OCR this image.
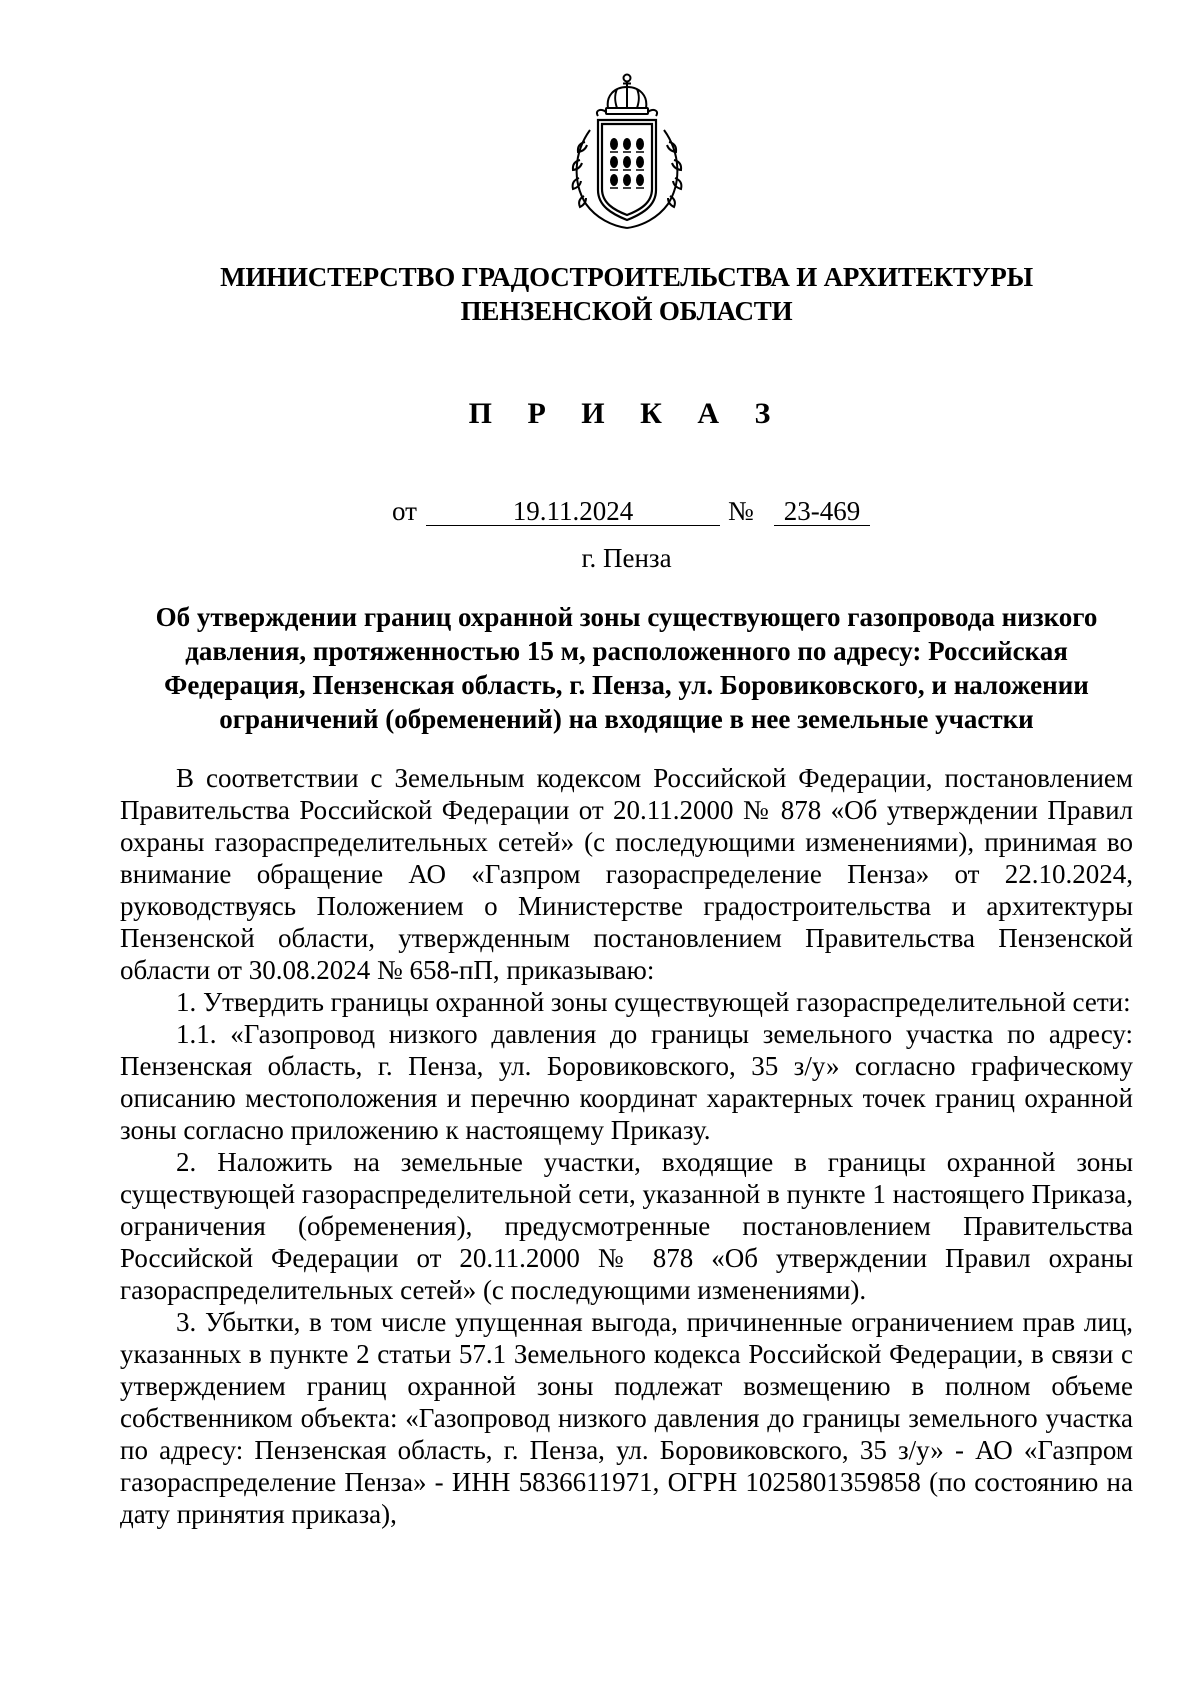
МИНИСТЕРСТВО ГРАДОСТРОИТЕЛЬСТВА И АРХИТЕКТУРЫ
ПЕНЗЕНСКОЙ ОБЛАСТИ
П Р И К А З
от	19.11.2024	№	23-469
г. Пенза
Об утверждении границ охранной зоны существующего газопровода низкого
давления, протяженностью 15 м, расположенного по адресу: Российская
Федерация, Пензенская область, г. Пенза, ул. Боровиковского, и наложении
ограничений (обременений) на входящие в нее земельные участки

В соответствии с Земельным кодексом Российской Федерации, постановлением Правительства Российской Федерации от 20.11.2000 № 878 «Об утверждении Правил охраны газораспределительных сетей» (с последующими изменениями), принимая во внимание обращение АО «Газпром газораспределение Пенза» от 22.10.2024, руководствуясь Положением о Министерстве градостроительства и архитектуры Пензенской области, утвержденным постановлением Правительства Пензенской области от 30.08.2024 № 658-пП, приказываю:

1. Утвердить границы охранной зоны существующей газораспределительной сети:

1.1. «Газопровод низкого давления до границы земельного участка по адресу: Пензенская область, г. Пенза, ул. Боровиковского, 35 з/у» согласно графическому описанию местоположения и перечню координат характерных точек границ охранной зоны согласно приложению к настоящему Приказу.

2. Наложить на земельные участки, входящие в границы охранной зоны существующей газораспределительной сети, указанной в пункте 1 настоящего Приказа, ограничения (обременения), предусмотренные постановлением Правительства Российской Федерации от 20.11.2000 № 878 «Об утверждении Правил охраны газораспределительных сетей» (с последующими изменениями).

3. Убытки, в том числе упущенная выгода, причиненные ограничением прав лиц, указанных в пункте 2 статьи 57.1 Земельного кодекса Российской Федерации, в связи с утверждением границ охранной зоны подлежат возмещению в полном объеме собственником объекта: «Газопровод низкого давления до границы земельного участка по адресу: Пензенская область, г. Пенза, ул. Боровиковского, 35 з/у» - АО «Газпром газораспределение Пенза» - ИНН 5836611971, ОГРН 1025801359858 (по состоянию на дату принятия приказа),
